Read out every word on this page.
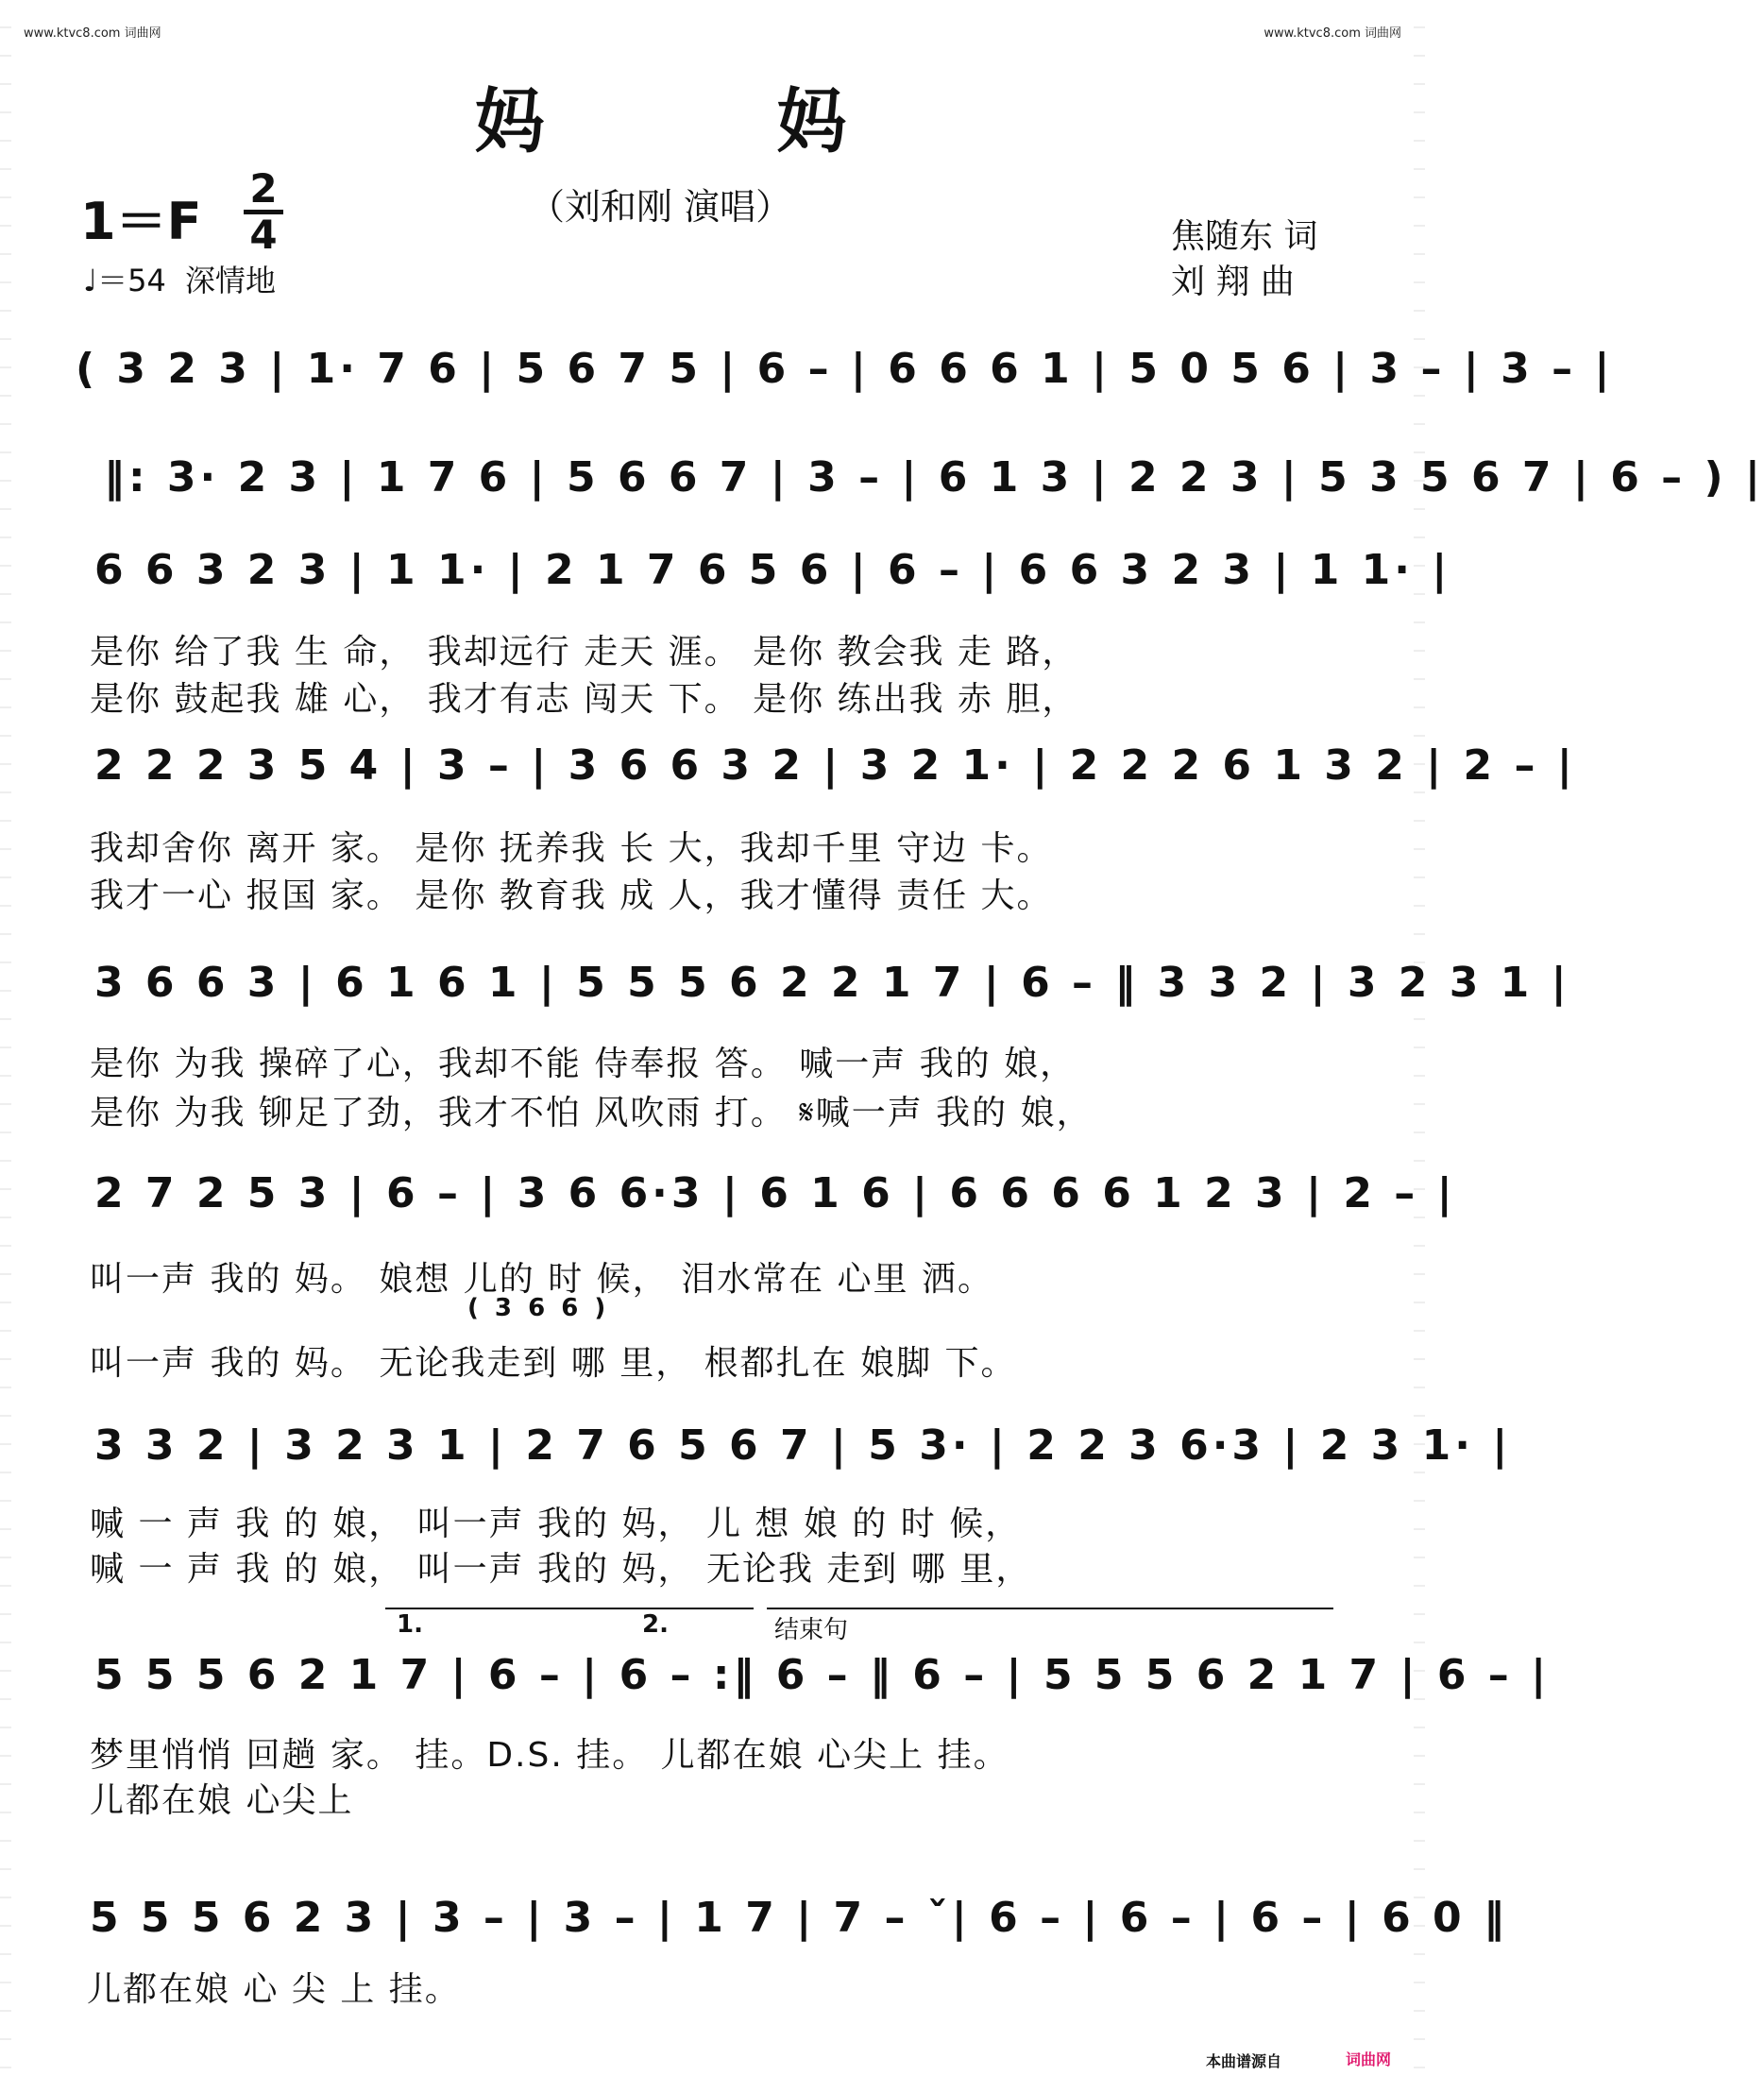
www.ktvc8.com 词曲网	www.ktvc8.com 词曲网
妈 妈
（刘和刚 演唱）
1＝F
2
4
♩＝54 深情地
焦随东 词
刘 翔 曲
( 3 2 3 | 1· 7 6 | 5 6 7 5 | 6 – | 6 6 6 1 | 5 0 5 6 | 3 – | 3 – |
‖: 3· 2 3 | 1 7 6 | 5 6 6 7 | 3 – | 6 1 3 | 2 2 3 | 5 3 5 6 7 | 6 – ) |
6 6 3 2 3 | 1 1· | 2 1 7 6 5 6 | 6 – | 6 6 3 2 3 | 1 1· |
是你 给了我 生 命， 我却远行 走天 涯。 是你 教会我 走 路，
是你 鼓起我 雄 心， 我才有志 闯天 下。 是你 练出我 赤 胆，
2 2 2 3 5 4 | 3 – | 3 6 6 3 2 | 3 2 1· | 2 2 2 6 1 3 2 | 2 – |
我却舍你 离开 家。 是你 抚养我 长 大，我却千里 守边 卡。
我才一心 报国 家。 是你 教育我 成 人，我才懂得 责任 大。
3 6 6 3 | 6 1 6 1 | 5 5 5 6 2 2 1 7 | 6 – ‖ 3 3 2 | 3 2 3 1 |
是你 为我 操碎了心，我却不能 侍奉报 答。 喊一声 我的 娘，
是你 为我 铆足了劲，我才不怕 风吹雨 打。 𝄋喊一声 我的 娘，
2 7 2 5 3 | 6 – | 3 6 6·3 | 6 1 6 | 6 6 6 6 1 2 3 | 2 – |
叫一声 我的 妈。 娘想 儿的 时 候， 泪水常在 心里 洒。
( 3 6 6 )
叫一声 我的 妈。 无论我走到 哪 里， 根都扎在 娘脚 下。
3 3 2 | 3 2 3 1 | 2 7 6 5 6 7 | 5 3· | 2 2 3 6·3 | 2 3 1· |
喊 一 声 我 的 娘， 叫一声 我的 妈， 儿 想 娘 的 时 候，
喊 一 声 我 的 娘， 叫一声 我的 妈， 无论我 走到 哪 里，
1.	2.	结束句
5 5 5 6 2 1 7 | 6 – | 6 – :‖ 6 – ‖ 6 – | 5 5 5 6 2 1 7 | 6 – |
梦里悄悄 回趟 家。 挂。D.S. 挂。 儿都在娘 心尖上 挂。
儿都在娘 心尖上
5 5 5 6 2 3 | 3 – | 3 – | 1 7 | 7 – ˇ| 6 – | 6 – | 6 – | 6 0 ‖
儿都在娘 心 尖 上 挂。
本曲谱源自	词曲网
